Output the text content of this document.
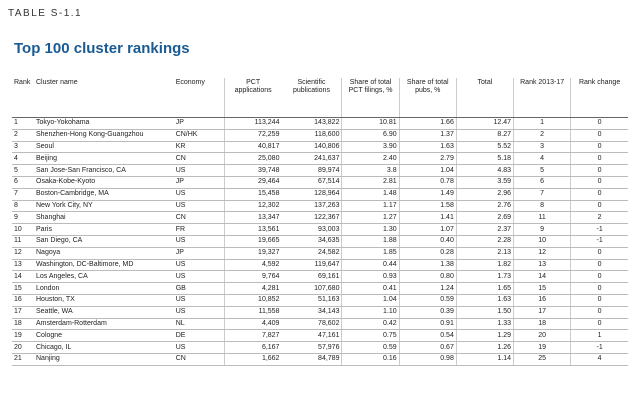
TABLE S-1.1
Top 100 cluster rankings
Rank	Cluster name	Economy	PCT applications	Scientific publications	Share of total PCT filings, %	Share of total pubs, %	Total	Rank 2013-17	Rank change
1	Tokyo-Yokohama	JP	113,244	143,822	10.81	1.66	12.47	1	0
2	Shenzhen-Hong Kong-Guangzhou	CN/HK	72,259	118,600	6.90	1.37	8.27	2	0
3	Seoul	KR	40,817	140,806	3.90	1.63	5.52	3	0
4	Beijing	CN	25,080	241,637	2.40	2.79	5.18	4	0
5	San Jose-San Francisco, CA	US	39,748	89,974	3.8	1.04	4.83	5	0
6	Osaka-Kobe-Kyoto	JP	29,464	67,514	2.81	0.78	3.59	6	0
7	Boston-Cambridge, MA	US	15,458	128,964	1.48	1.49	2.96	7	0
8	New York City, NY	US	12,302	137,263	1.17	1.58	2.76	8	0
9	Shanghai	CN	13,347	122,367	1.27	1.41	2.69	11	2
10	Paris	FR	13,561	93,003	1.30	1.07	2.37	9	-1
11	San Diego, CA	US	19,665	34,635	1.88	0.40	2.28	10	-1
12	Nagoya	JP	19,327	24,582	1.85	0.28	2.13	12	0
13	Washington, DC-Baltimore, MD	US	4,592	119,647	0.44	1.38	1.82	13	0
14	Los Angeles, CA	US	9,764	69,161	0.93	0.80	1.73	14	0
15	London	GB	4,281	107,680	0.41	1.24	1.65	15	0
16	Houston, TX	US	10,852	51,163	1.04	0.59	1.63	16	0
17	Seattle, WA	US	11,558	34,143	1.10	0.39	1.50	17	0
18	Amsterdam-Rotterdam	NL	4,409	78,602	0.42	0.91	1.33	18	0
19	Cologne	DE	7,827	47,161	0.75	0.54	1.29	20	1
20	Chicago, IL	US	6,167	57,976	0.59	0.67	1.26	19	-1
21	Nanjing	CN	1,662	84,789	0.16	0.98	1.14	25	4
